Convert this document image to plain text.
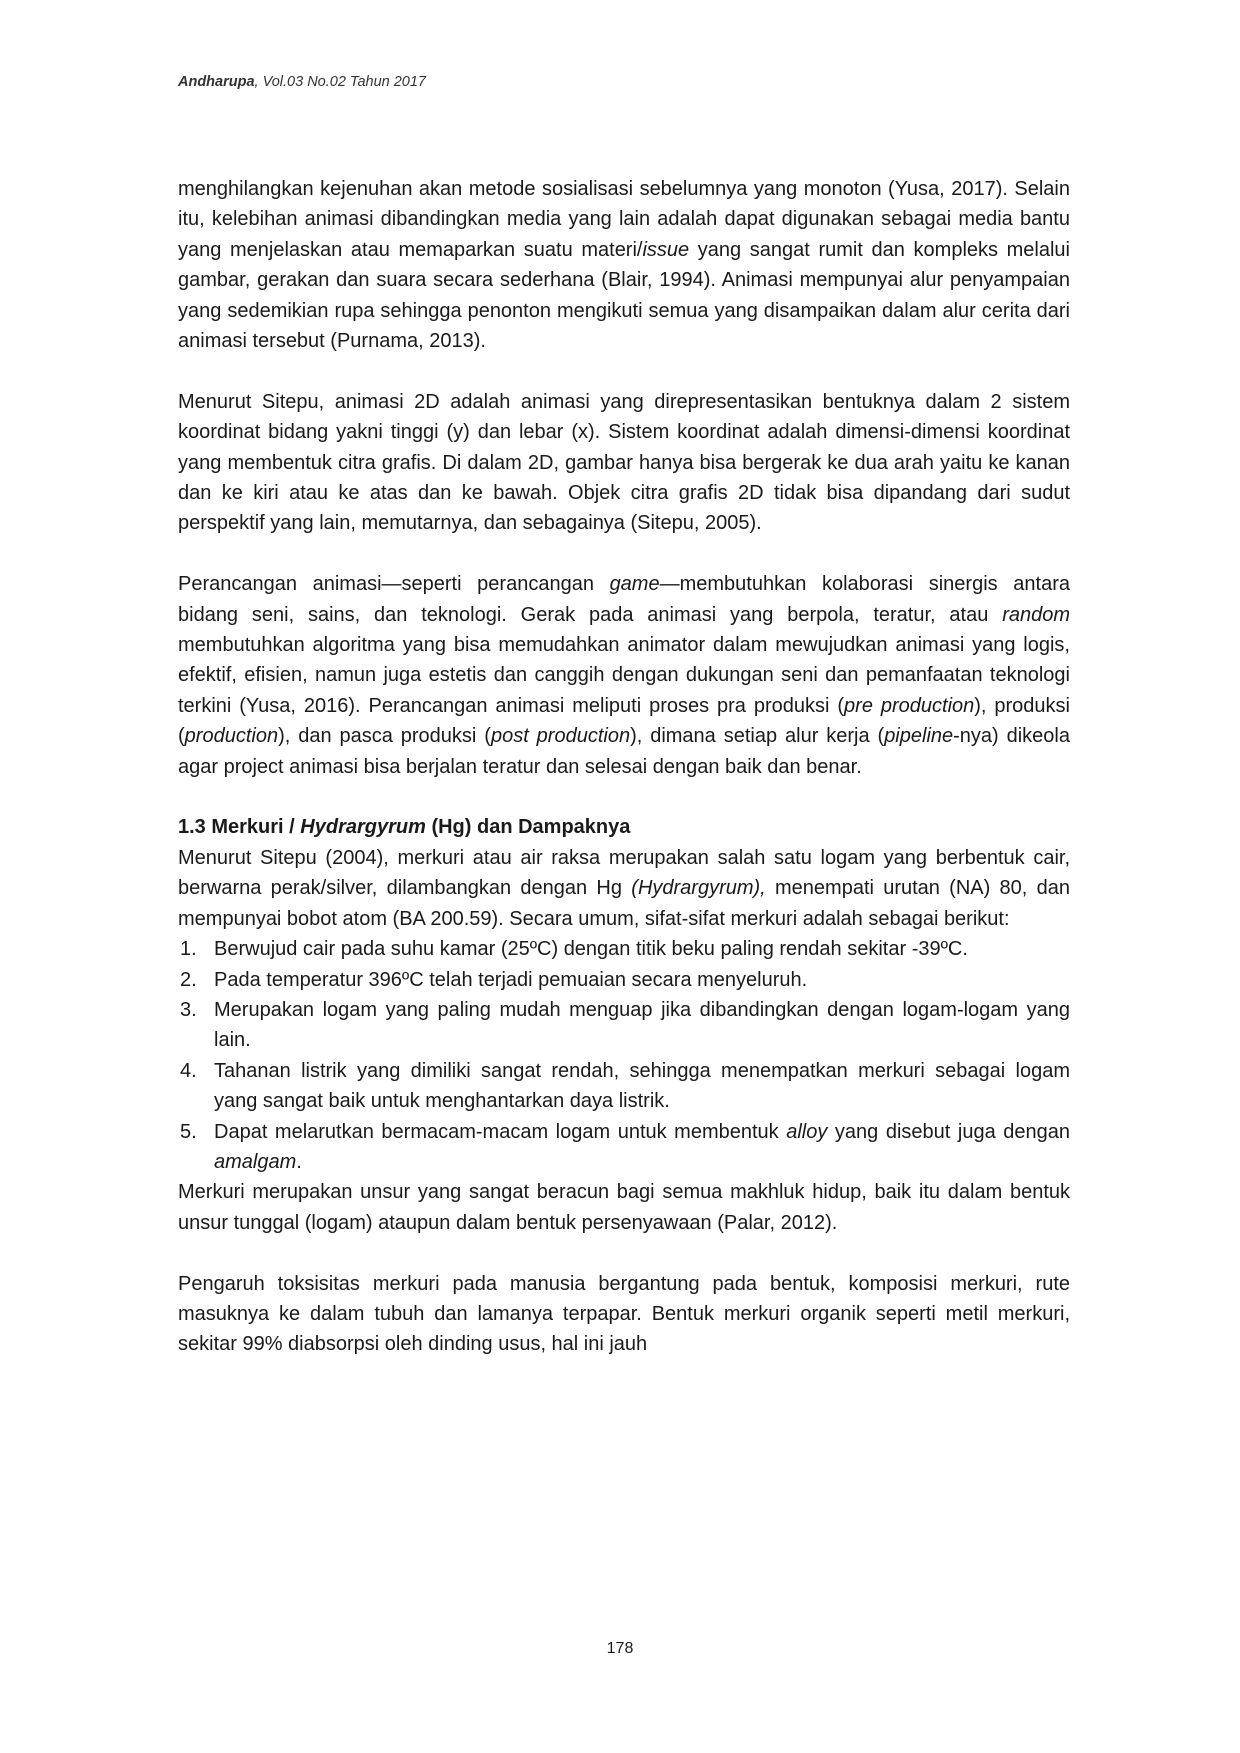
Andharupa, Vol.03 No.02 Tahun 2017

menghilangkan kejenuhan akan metode sosialisasi sebelumnya yang monoton (Yusa, 2017). Selain itu, kelebihan animasi dibandingkan media yang lain adalah dapat digunakan sebagai media bantu yang menjelaskan atau memaparkan suatu materi/issue yang sangat rumit dan kompleks melalui gambar, gerakan dan suara secara sederhana (Blair, 1994). Animasi mempunyai alur penyampaian yang sedemikian rupa sehingga penonton mengikuti semua yang disampaikan dalam alur cerita dari animasi tersebut (Purnama, 2013).

Menurut Sitepu, animasi 2D adalah animasi yang direpresentasikan bentuknya dalam 2 sistem koordinat bidang yakni tinggi (y) dan lebar (x). Sistem koordinat adalah dimensi-dimensi koordinat yang membentuk citra grafis. Di dalam 2D, gambar hanya bisa bergerak ke dua arah yaitu ke kanan dan ke kiri atau ke atas dan ke bawah. Objek citra grafis 2D tidak bisa dipandang dari sudut perspektif yang lain, memutarnya, dan sebagainya (Sitepu, 2005).

Perancangan animasi—seperti perancangan game—membutuhkan kolaborasi sinergis antara bidang seni, sains, dan teknologi. Gerak pada animasi yang berpola, teratur, atau random membutuhkan algoritma yang bisa memudahkan animator dalam mewujudkan animasi yang logis, efektif, efisien, namun juga estetis dan canggih dengan dukungan seni dan pemanfaatan teknologi terkini (Yusa, 2016). Perancangan animasi meliputi proses pra produksi (pre production), produksi (production), dan pasca produksi (post production), dimana setiap alur kerja (pipeline-nya) dikeola agar project animasi bisa berjalan teratur dan selesai dengan baik dan benar.

1.3 Merkuri / Hydrargyrum (Hg) dan Dampaknya

Menurut Sitepu (2004), merkuri atau air raksa merupakan salah satu logam yang berbentuk cair, berwarna perak/silver, dilambangkan dengan Hg (Hydrargyrum), menempati urutan (NA) 80, dan mempunyai bobot atom (BA 200.59). Secara umum, sifat-sifat merkuri adalah sebagai berikut:

1. Berwujud cair pada suhu kamar (25ºC) dengan titik beku paling rendah sekitar -39ºC.
2. Pada temperatur 396ºC telah terjadi pemuaian secara menyeluruh.
3. Merupakan logam yang paling mudah menguap jika dibandingkan dengan logam-logam yang lain.
4. Tahanan listrik yang dimiliki sangat rendah, sehingga menempatkan merkuri sebagai logam yang sangat baik untuk menghantarkan daya listrik.
5. Dapat melarutkan bermacam-macam logam untuk membentuk alloy yang disebut juga dengan amalgam.

Merkuri merupakan unsur yang sangat beracun bagi semua makhluk hidup, baik itu dalam bentuk unsur tunggal (logam) ataupun dalam bentuk persenyawaan (Palar, 2012).

Pengaruh toksisitas merkuri pada manusia bergantung pada bentuk, komposisi merkuri, rute masuknya ke dalam tubuh dan lamanya terpapar. Bentuk merkuri organik seperti metil merkuri, sekitar 99% diabsorpsi oleh dinding usus, hal ini jauh

178
